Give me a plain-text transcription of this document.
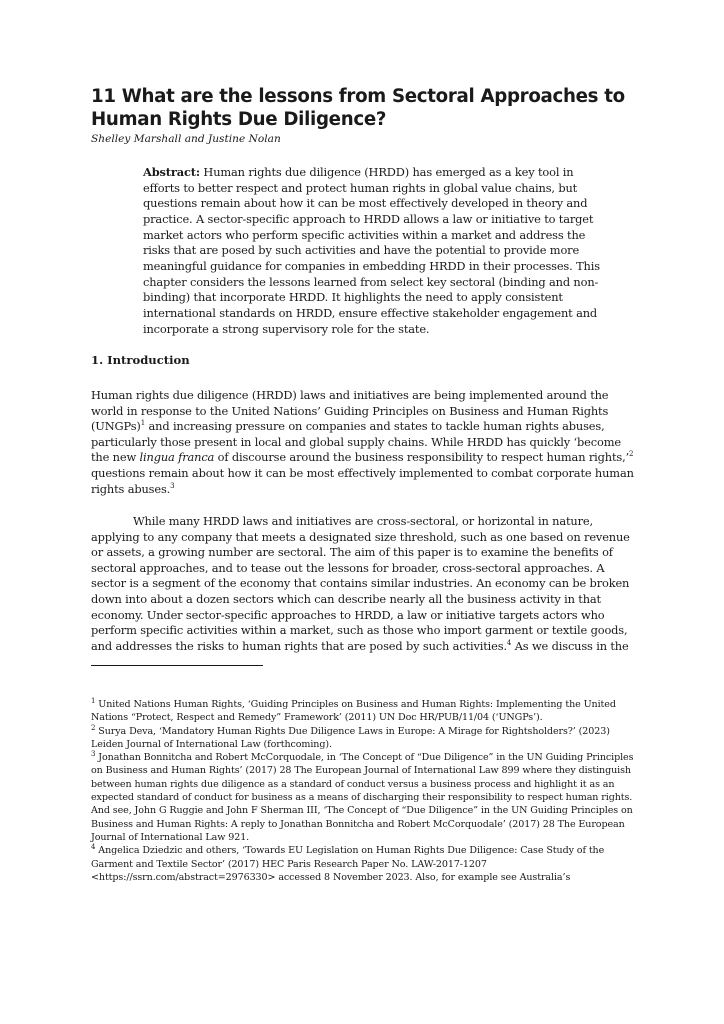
11 What are the lessons from Sectoral Approaches to Human Rights Due Diligence?

Shelley Marshall and Justine Nolan

Abstract: Human rights due diligence (HRDD) has emerged as a key tool in efforts to better respect and protect human rights in global value chains, but questions remain about how it can be most effectively developed in theory and practice. A sector-specific approach to HRDD allows a law or initiative to target market actors who perform specific activities within a market and address the risks that are posed by such activities and have the potential to provide more meaningful guidance for companies in embedding HRDD in their processes. This chapter considers the lessons learned from select key sectoral (binding and non-binding) that incorporate HRDD. It highlights the need to apply consistent international standards on HRDD, ensure effective stakeholder engagement and incorporate a strong supervisory role for the state.

1. Introduction

Human rights due diligence (HRDD) laws and initiatives are being implemented around the world in response to the United Nations’ Guiding Principles on Business and Human Rights (UNGPs)$^1$ and increasing pressure on companies and states to tackle human rights abuses, particularly those present in local and global supply chains. While HRDD has quickly ‘become the new lingua franca of discourse around the business responsibility to respect human rights,’$^2$ questions remain about how it can be most effectively implemented to combat corporate human rights abuses.$^3$

While many HRDD laws and initiatives are cross-sectoral, or horizontal in nature, applying to any company that meets a designated size threshold, such as one based on revenue or assets, a growing number are sectoral. The aim of this paper is to examine the benefits of sectoral approaches, and to tease out the lessons for broader, cross-sectoral approaches. A sector is a segment of the economy that contains similar industries. An economy can be broken down into about a dozen sectors which can describe nearly all the business activity in that economy. Under sector-specific approaches to HRDD, a law or initiative targets actors who perform specific activities within a market, such as those who import garment or textile goods, and addresses the risks to human rights that are posed by such activities.$^4$ As we discuss in the

$^1$ United Nations Human Rights, ‘Guiding Principles on Business and Human Rights: Implementing the United Nations “Protect, Respect and Remedy” Framework’ (2011) UN Doc HR/PUB/11/04 (‘UNGPs’).

$^2$ Surya Deva, ‘Mandatory Human Rights Due Diligence Laws in Europe: A Mirage for Rightsholders?’ (2023) Leiden Journal of International Law (forthcoming).

$^3$ Jonathan Bonnitcha and Robert McCorquodale, in ‘The Concept of “Due Diligence” in the UN Guiding Principles on Business and Human Rights’ (2017) 28 The European Journal of International Law 899 where they distinguish between human rights due diligence as a standard of conduct versus a business process and highlight it as an expected standard of conduct for business as a means of discharging their responsibility to respect human rights. And see, John G Ruggie and John F Sherman III, ‘The Concept of “Due Diligence” in the UN Guiding Principles on Business and Human Rights: A reply to Jonathan Bonnitcha and Robert McCorquodale’ (2017) 28 The European Journal of International Law 921.

$^4$ Angelica Dziedzic and others, ‘Towards EU Legislation on Human Rights Due Diligence: Case Study of the Garment and Textile Sector’ (2017) HEC Paris Research Paper No. LAW-2017-1207 <https://ssrn.com/abstract=2976330> accessed 8 November 2023. Also, for example see Australia’s
